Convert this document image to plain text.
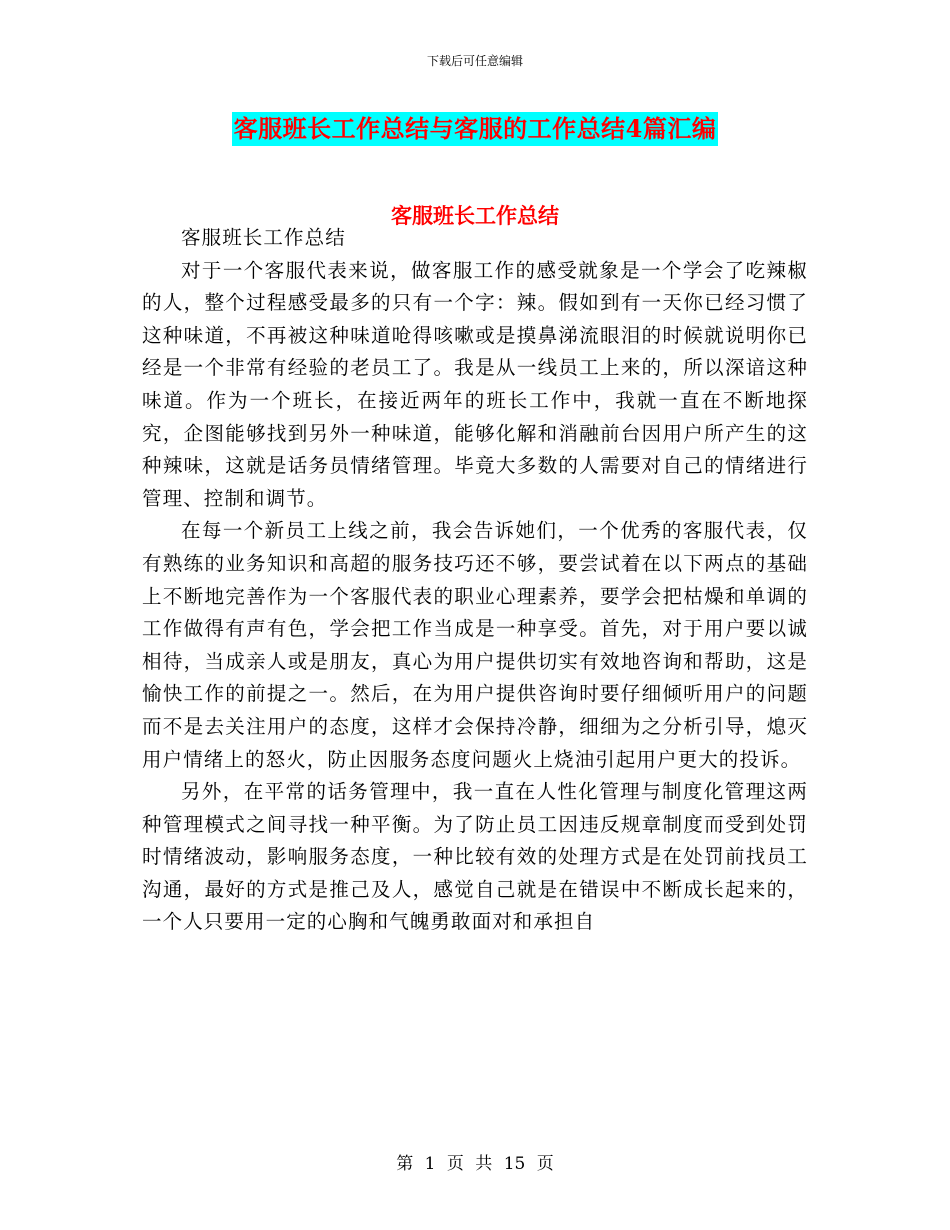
下载后可任意编辑
客服班长工作总结与客服的工作总结4篇汇编
客服班长工作总结

客服班长工作总结

对于一个客服代表来说，做客服工作的感受就象是一个学会了吃辣椒的人，整个过程感受最多的只有一个字：辣。假如到有一天你已经习惯了这种味道，不再被这种味道呛得咳嗽或是摸鼻涕流眼泪的时候就说明你已经是一个非常有经验的老员工了。我是从一线员工上来的，所以深谙这种味道。作为一个班长，在接近两年的班长工作中，我就一直在不断地探究，企图能够找到另外一种味道，能够化解和消融前台因用户所产生的这种辣味，这就是话务员情绪管理。毕竟大多数的人需要对自己的情绪进行管理、控制和调节。

在每一个新员工上线之前，我会告诉她们，一个优秀的客服代表，仅有熟练的业务知识和高超的服务技巧还不够，要尝试着在以下两点的基础上不断地完善作为一个客服代表的职业心理素养，要学会把枯燥和单调的工作做得有声有色，学会把工作当成是一种享受。首先，对于用户要以诚相待，当成亲人或是朋友，真心为用户提供切实有效地咨询和帮助，这是愉快工作的前提之一。然后，在为用户提供咨询时要仔细倾听用户的问题而不是去关注用户的态度，这样才会保持冷静，细细为之分析引导，熄灭用户情绪上的怒火，防止因服务态度问题火上烧油引起用户更大的投诉。

另外，在平常的话务管理中，我一直在人性化管理与制度化管理这两种管理模式之间寻找一种平衡。为了防止员工因违反规章制度而受到处罚时情绪波动，影响服务态度，一种比较有效的处理方式是在处罚前找员工沟通，最好的方式是推己及人，感觉自己就是在错误中不断成长起来的，一个人只要用一定的心胸和气魄勇敢面对和承担自

第 1 页 共 15 页
